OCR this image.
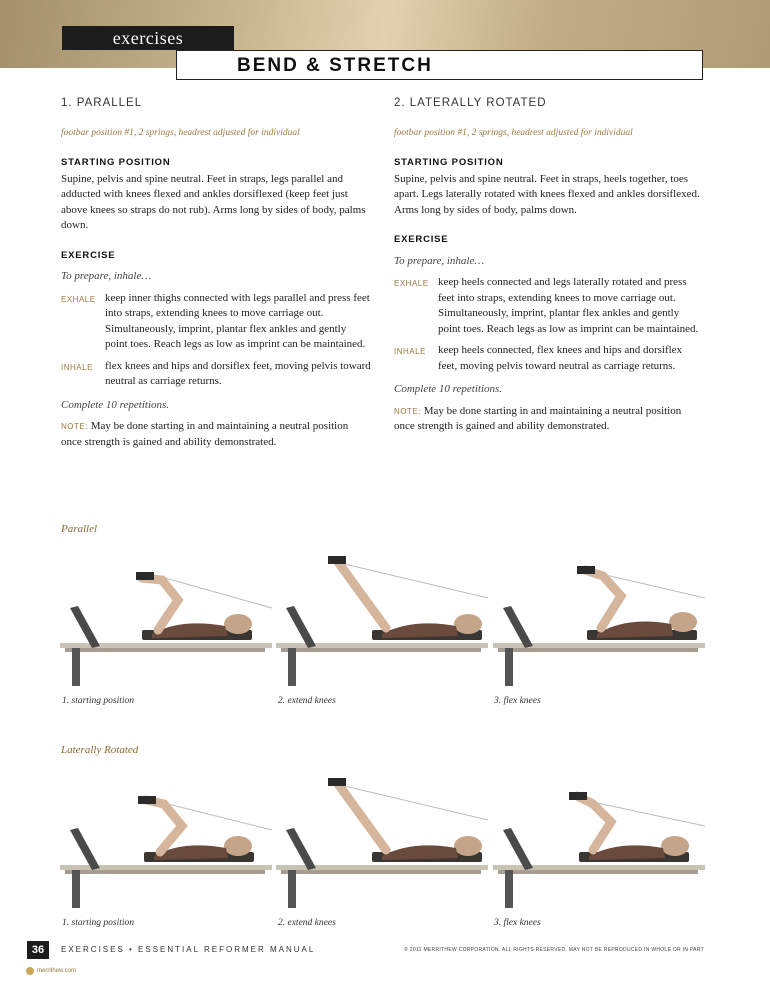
exercises
BEND & STRETCH

1. PARALLEL

footbar position #1, 2 springs, headrest adjusted for individual

STARTING POSITION

Supine, pelvis and spine neutral. Feet in straps, legs parallel and adducted with knees flexed and ankles dorsiflexed (keep feet just above knees so straps do not rub). Arms long by sides of body, palms down.

EXERCISE

To prepare, inhale…

EXHALE keep inner thighs connected with legs parallel and press feet into straps, extending knees to move carriage out. Simultaneously, imprint, plantar flex ankles and gently point toes. Reach legs as low as imprint can be maintained.
INHALE	flex knees and hips and dorsiflex feet, moving pelvis toward neutral as carriage returns.

Complete 10 repetitions.

NOTE: May be done starting in and maintaining a neutral position once strength is gained and ability demonstrated.

2. LATERALLY ROTATED

footbar position #1, 2 springs, headrest adjusted for individual

STARTING POSITION

Supine, pelvis and spine neutral. Feet in straps, heels together, toes apart. Legs laterally rotated with knees flexed and ankles dorsiflexed. Arms long by sides of body, palms down.

EXERCISE

To prepare, inhale…

EXHALE keep heels connected and legs laterally rotated and press feet into straps, extending knees to move carriage out. Simultaneously, imprint, plantar flex ankles and gently point toes. Reach legs as low as imprint can be maintained.
INHALE	keep heels connected, flex knees and hips and dorsiflex feet, moving pelvis toward neutral as carriage returns.

Complete 10 repetitions.

NOTE: May be done starting in and maintaining a neutral position once strength is gained and ability demonstrated.

Parallel
1. starting position	2. extend knees	3. flex knees
Laterally Rotated
1. starting position	2. extend knees	3. flex knees
36	EXERCISES • ESSENTIAL REFORMER MANUAL	© 2011 MERRITHEW CORPORATION. ALL RIGHTS RESERVED. MAY NOT BE REPRODUCED IN WHOLE OR IN PART
merrithew.com
